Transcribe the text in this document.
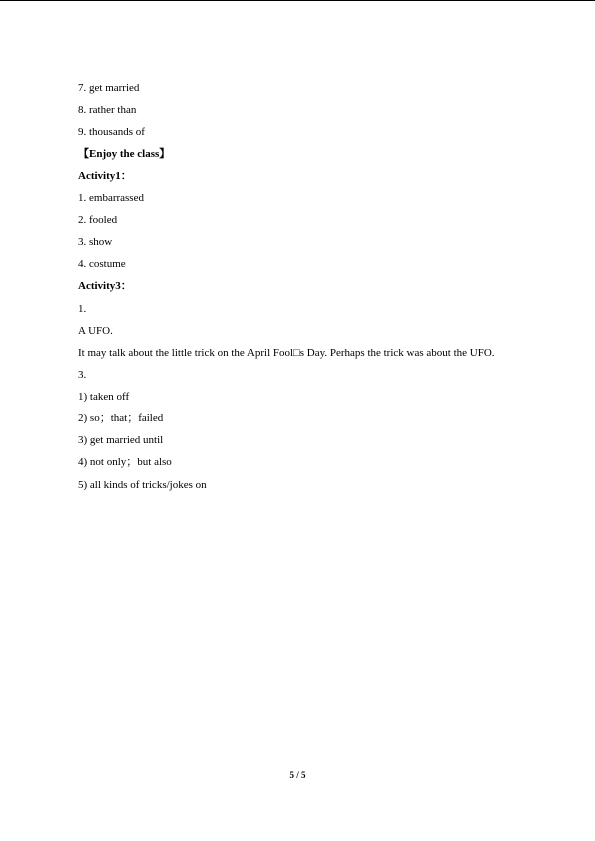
7. get married
8. rather than
9. thousands of
【Enjoy the class】
Activity1：
1. embarrassed
2. fooled
3. show
4. costume
Activity3：
1.
A UFO.
It may talk about the little trick on the April Fool□s Day. Perhaps the trick was about the UFO.
3.
1) taken off
2) so；that；failed
3) get married until
4) not only；but also
5) all kinds of tricks/jokes on
5 / 5
